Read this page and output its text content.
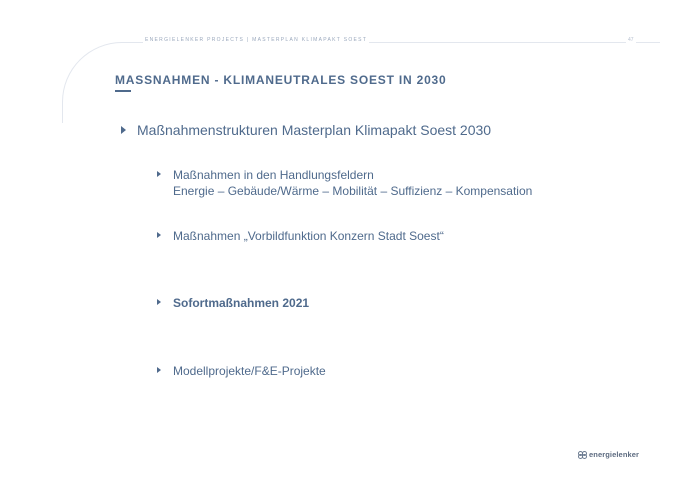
ENERGIELENKER PROJECTS | MASTERPLAN KLIMAPAKT SOEST	47
MASSNAHMEN - KLIMANEUTRALES SOEST IN 2030
Maßnahmenstrukturen Masterplan Klimapakt Soest 2030
Maßnahmen in den Handlungsfeldern
Energie – Gebäude/Wärme – Mobilität – Suffizienz – Kompensation
Maßnahmen „Vorbildfunktion Konzern Stadt Soest“
Sofortmaßnahmen 2021
Modellprojekte/F&E-Projekte
energielenker
